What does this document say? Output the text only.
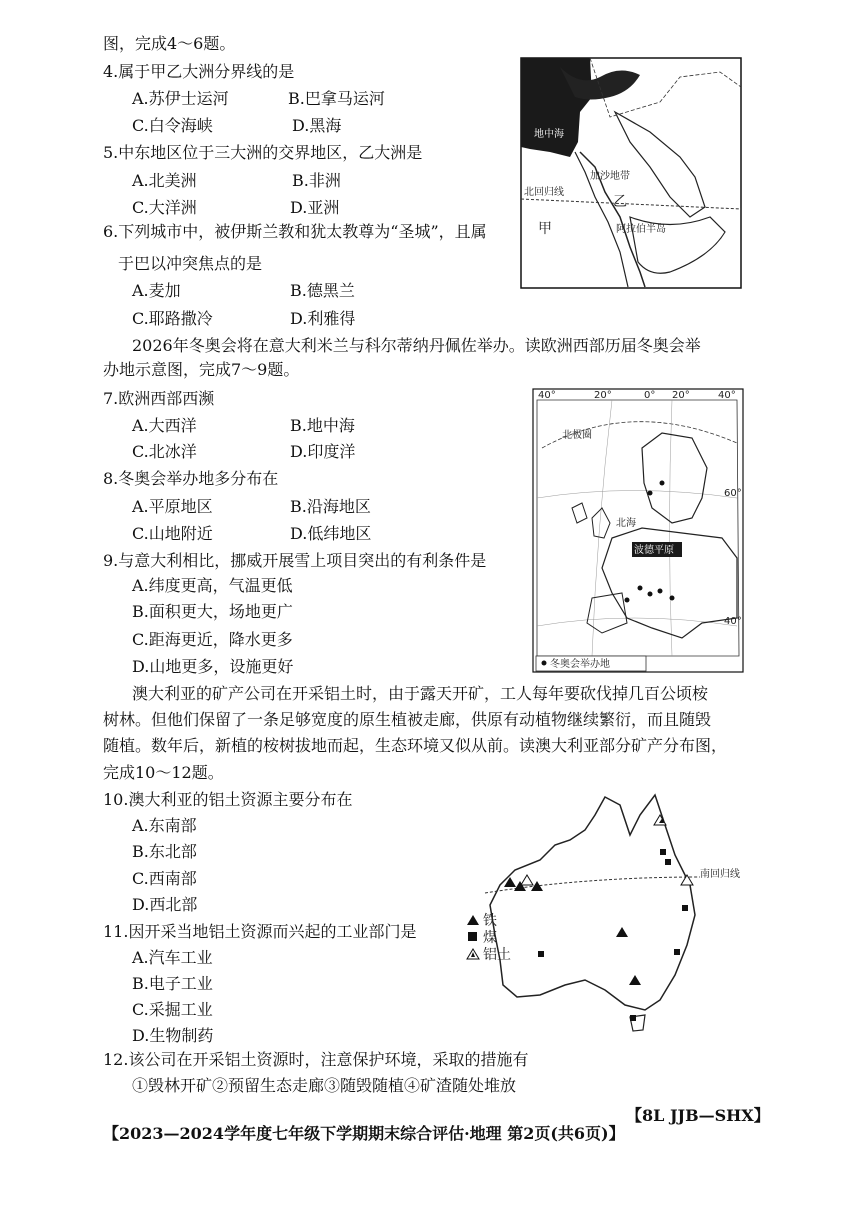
图，完成4～6题。
4.属于甲乙大洲分界线的是
A.苏伊士运河	B.巴拿马运河
C.白令海峡	D.黑海
5.中东地区位于三大洲的交界地区，乙大洲是
A.北美洲	B.非洲
C.大洋洲	D.亚洲
6.下列城市中，被伊斯兰教和犹太教尊为“圣城”，且属
于巴以冲突焦点的是
A.麦加	B.德黑兰
C.耶路撒冷	D.利雅得
地中海
加沙地带
乙
北回归线
甲	阿拉伯半岛
2026年冬奥会将在意大利米兰与科尔蒂纳丹佩佐举办。读欧洲西部历届冬奥会举
办地示意图，完成7～9题。
7.欧洲西部西濒
A.大西洋	B.地中海
C.北冰洋	D.印度洋
8.冬奥会举办地多分布在
A.平原地区	B.沿海地区
C.山地附近	D.低纬地区
9.与意大利相比，挪威开展雪上项目突出的有利条件是
A.纬度更高，气温更低
B.面积更大，场地更广
C.距海更近，降水更多
D.山地更多，设施更好
40°	20°	0° 20°	40°
北极圈
北海
波德平原
60°
40°
冬奥会举办地
澳大利亚的矿产公司在开采铝土时，由于露天开矿，工人每年要砍伐掉几百公顷桉
树林。但他们保留了一条足够宽度的原生植被走廊，供原有动植物继续繁衍，而且随毁
随植。数年后，新植的桉树拔地而起，生态环境又似从前。读澳大利亚部分矿产分布图，
完成10～12题。
10.澳大利亚的铝土资源主要分布在
A.东南部
B.东北部
C.西南部
D.西北部
11.因开采当地铝土资源而兴起的工业部门是
A.汽车工业
B.电子工业
C.采掘工业
D.生物制药
12.该公司在开采铝土资源时，注意保护环境，采取的措施有
①毁林开矿②预留生态走廊③随毁随植④矿渣随处堆放
南回归线
铁
煤
铝土
【2023—2024学年度七年级下学期期末综合评估·地理 第2页(共6页)】
【8L JJB—SHX】
